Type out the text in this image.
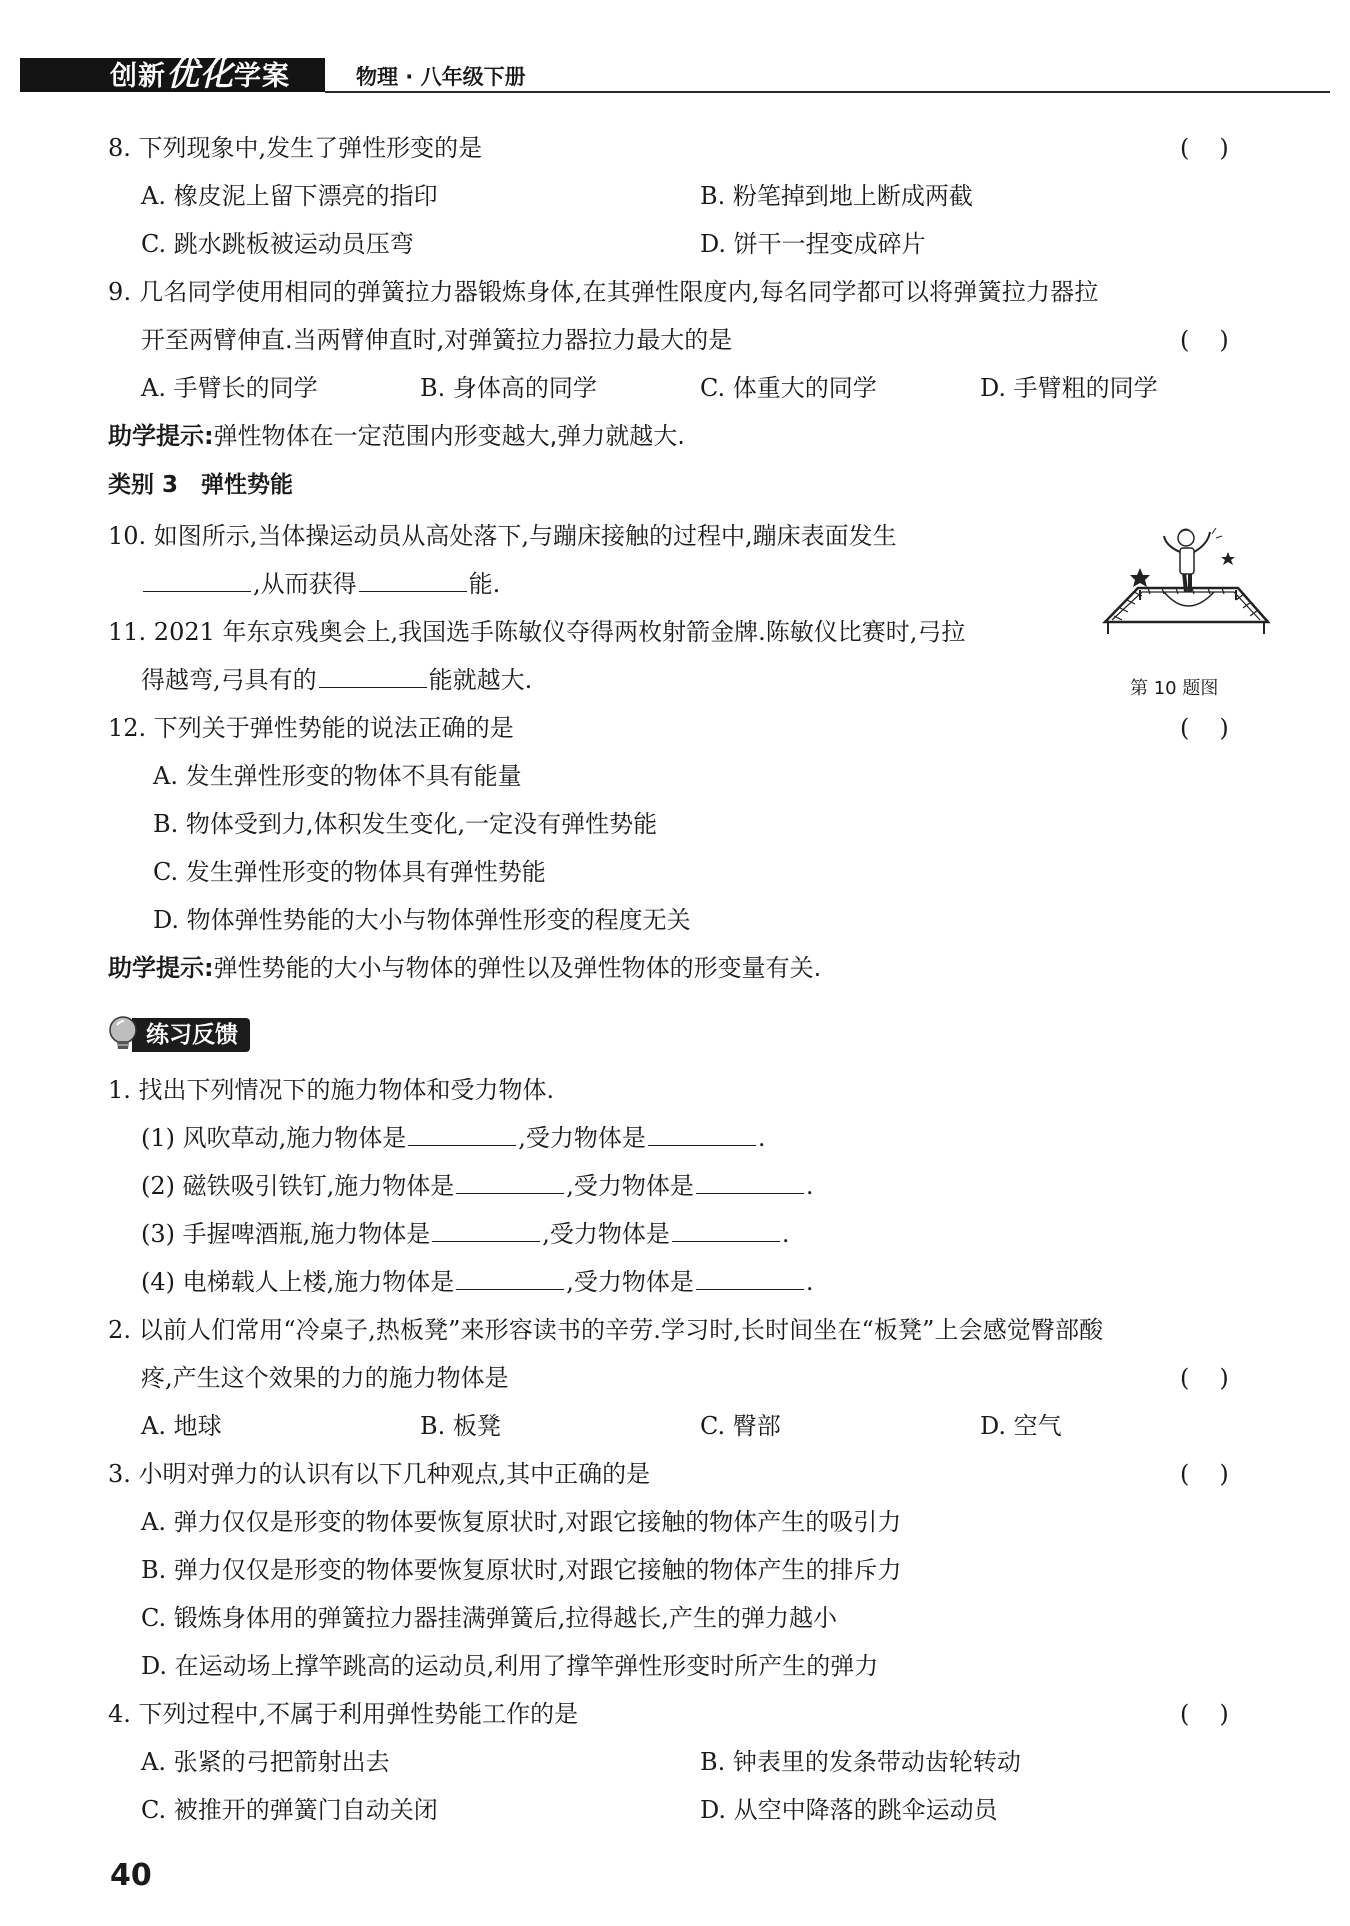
创新优化学案	物理 · 八年级下册
8. 下列现象中,发生了弹性形变的是	()
A. 橡皮泥上留下漂亮的指印	B. 粉笔掉到地上断成两截
C. 跳水跳板被运动员压弯	D. 饼干一捏变成碎片
9. 几名同学使用相同的弹簧拉力器锻炼身体,在其弹性限度内,每名同学都可以将弹簧拉力器拉
开至两臂伸直.当两臂伸直时,对弹簧拉力器拉力最大的是	()
A. 手臂长的同学	B. 身体高的同学	C. 体重大的同学	D. 手臂粗的同学
助学提示:弹性物体在一定范围内形变越大,弹力就越大.
类别 3　弹性势能
10. 如图所示,当体操运动员从高处落下,与蹦床接触的过程中,蹦床表面发生
,从而获得	能.
11. 2021 年东京残奥会上,我国选手陈敏仪夺得两枚射箭金牌.陈敏仪比赛时,弓拉
得越弯,弓具有的	能就越大.	第 10 题图
12. 下列关于弹性势能的说法正确的是	()
A. 发生弹性形变的物体不具有能量
B. 物体受到力,体积发生变化,一定没有弹性势能
C. 发生弹性形变的物体具有弹性势能
D. 物体弹性势能的大小与物体弹性形变的程度无关
助学提示:弹性势能的大小与物体的弹性以及弹性物体的形变量有关.
练习反馈
1. 找出下列情况下的施力物体和受力物体.
(1) 风吹草动,施力物体是	,受力物体是	.
(2) 磁铁吸引铁钉,施力物体是	,受力物体是	.
(3) 手握啤酒瓶,施力物体是	,受力物体是	.
(4) 电梯载人上楼,施力物体是	,受力物体是	.
2. 以前人们常用“冷桌子,热板凳”来形容读书的辛劳.学习时,长时间坐在“板凳”上会感觉臀部酸
疼,产生这个效果的力的施力物体是	()
A. 地球	B. 板凳	C. 臀部	D. 空气
3. 小明对弹力的认识有以下几种观点,其中正确的是	()
A. 弹力仅仅是形变的物体要恢复原状时,对跟它接触的物体产生的吸引力
B. 弹力仅仅是形变的物体要恢复原状时,对跟它接触的物体产生的排斥力
C. 锻炼身体用的弹簧拉力器挂满弹簧后,拉得越长,产生的弹力越小
D. 在运动场上撑竿跳高的运动员,利用了撑竿弹性形变时所产生的弹力
4. 下列过程中,不属于利用弹性势能工作的是	()
A. 张紧的弓把箭射出去	B. 钟表里的发条带动齿轮转动
C. 被推开的弹簧门自动关闭	D. 从空中降落的跳伞运动员
40
